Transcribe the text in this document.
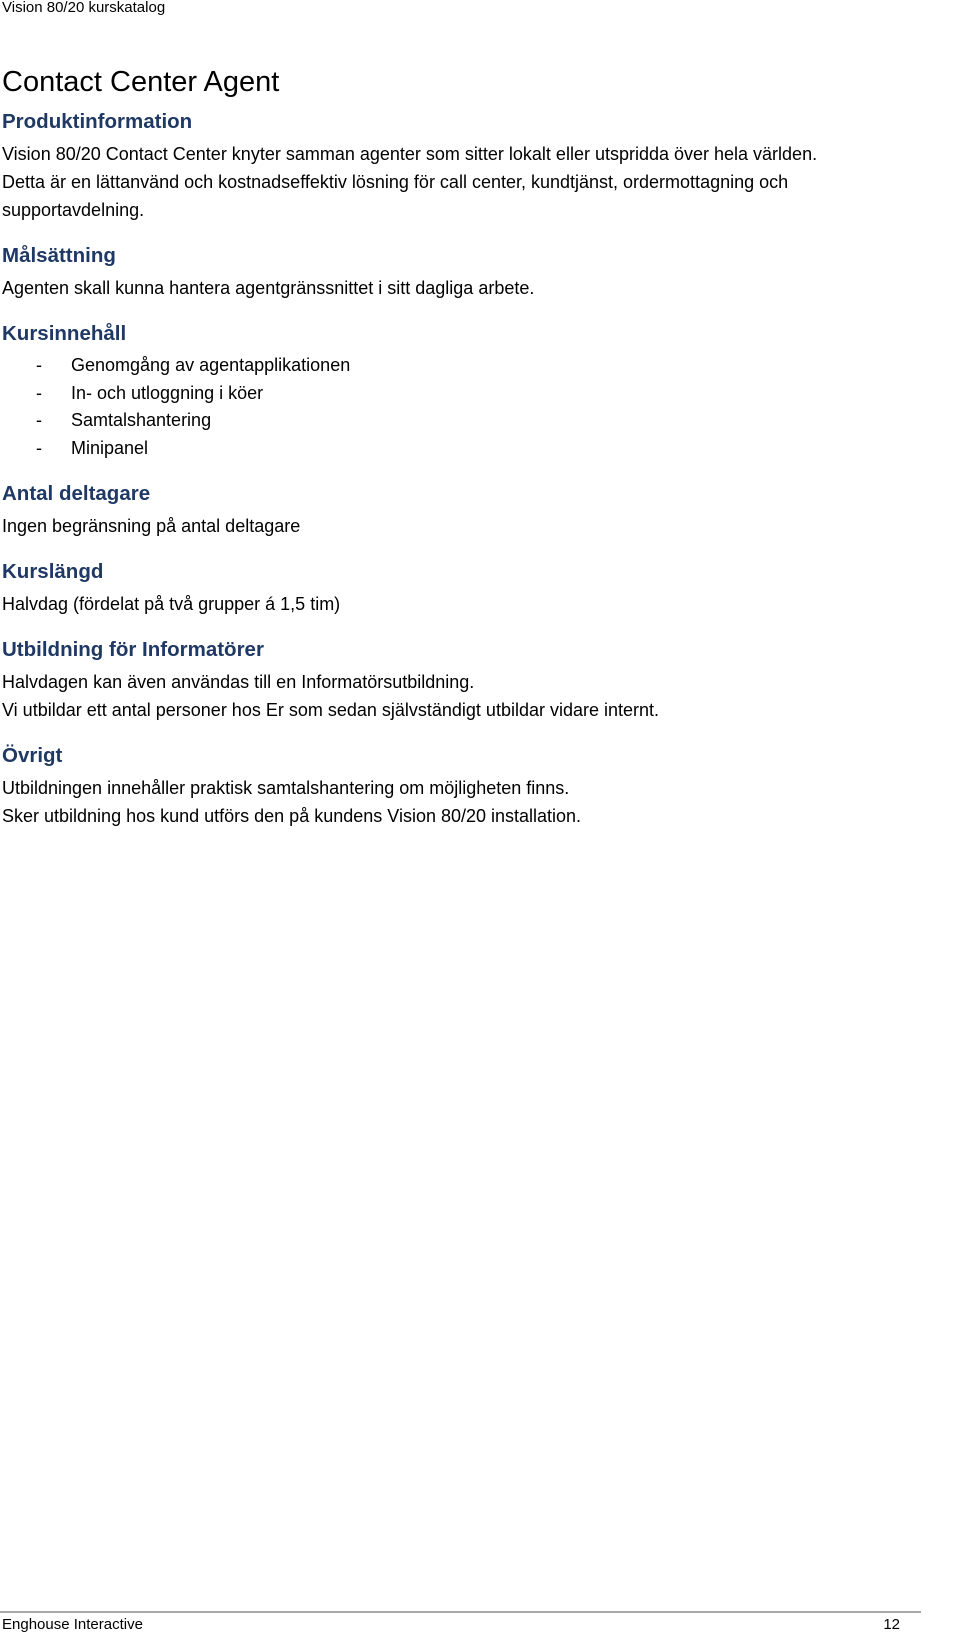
Vision 80/20 kurskatalog
Contact Center Agent
Produktinformation

Vision 80/20 Contact Center knyter samman agenter som sitter lokalt eller utspridda över hela världen.
Detta är en lättanvänd och kostnadseffektiv lösning för call center, kundtjänst, ordermottagning och
supportavdelning.

Målsättning

Agenten skall kunna hantera agentgränssnittet i sitt dagliga arbete.

Kursinnehåll
- Genomgång av agentapplikationen
- In- och utloggning i köer
- Samtalshantering
- Minipanel
Antal deltagare

Ingen begränsning på antal deltagare

Kurslängd

Halvdag (fördelat på två grupper á 1,5 tim)

Utbildning för Informatörer

Halvdagen kan även användas till en Informatörsutbildning.
Vi utbildar ett antal personer hos Er som sedan självständigt utbildar vidare internt.

Övrigt

Utbildningen innehåller praktisk samtalshantering om möjligheten finns.
Sker utbildning hos kund utförs den på kundens Vision 80/20 installation.

Enghouse Interactive	12
